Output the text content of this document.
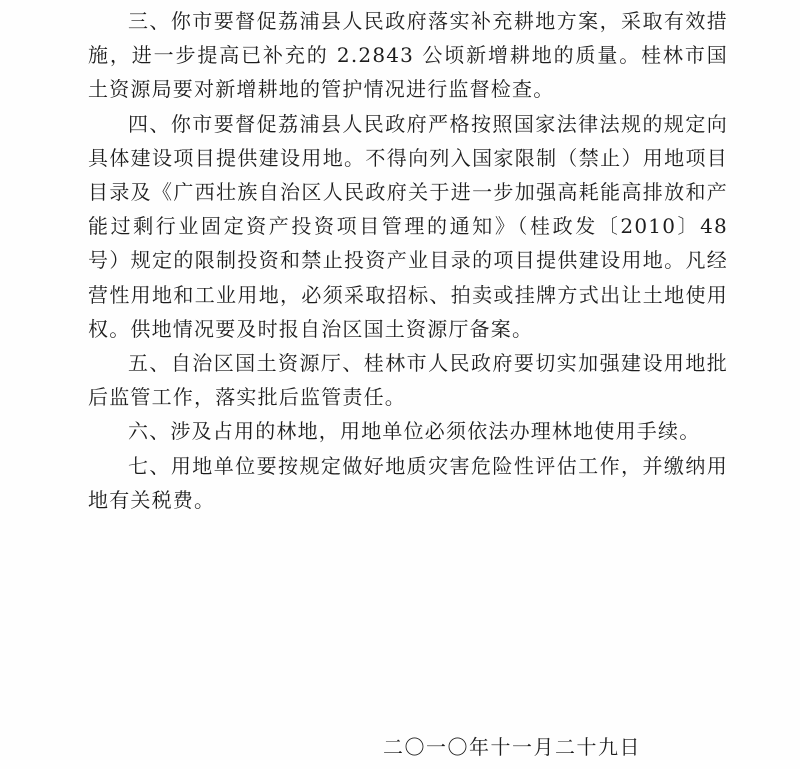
三、你市要督促荔浦县人民政府落实补充耕地方案，采取有效措施，进一步提高已补充的 2.2843 公顷新增耕地的质量。桂林市国土资源局要对新增耕地的管护情况进行监督检查。

四、你市要督促荔浦县人民政府严格按照国家法律法规的规定向具体建设项目提供建设用地。不得向列入国家限制（禁止）用地项目目录及《广西壮族自治区人民政府关于进一步加强高耗能高排放和产能过剩行业固定资产投资项目管理的通知》（桂政发〔2010〕48 号）规定的限制投资和禁止投资产业目录的项目提供建设用地。凡经营性用地和工业用地，必须采取招标、拍卖或挂牌方式出让土地使用权。供地情况要及时报自治区国土资源厅备案。

五、自治区国土资源厅、桂林市人民政府要切实加强建设用地批后监管工作，落实批后监管责任。

六、涉及占用的林地，用地单位必须依法办理林地使用手续。

七、用地单位要按规定做好地质灾害危险性评估工作，并缴纳用地有关税费。

二〇一〇年十一月二十九日
